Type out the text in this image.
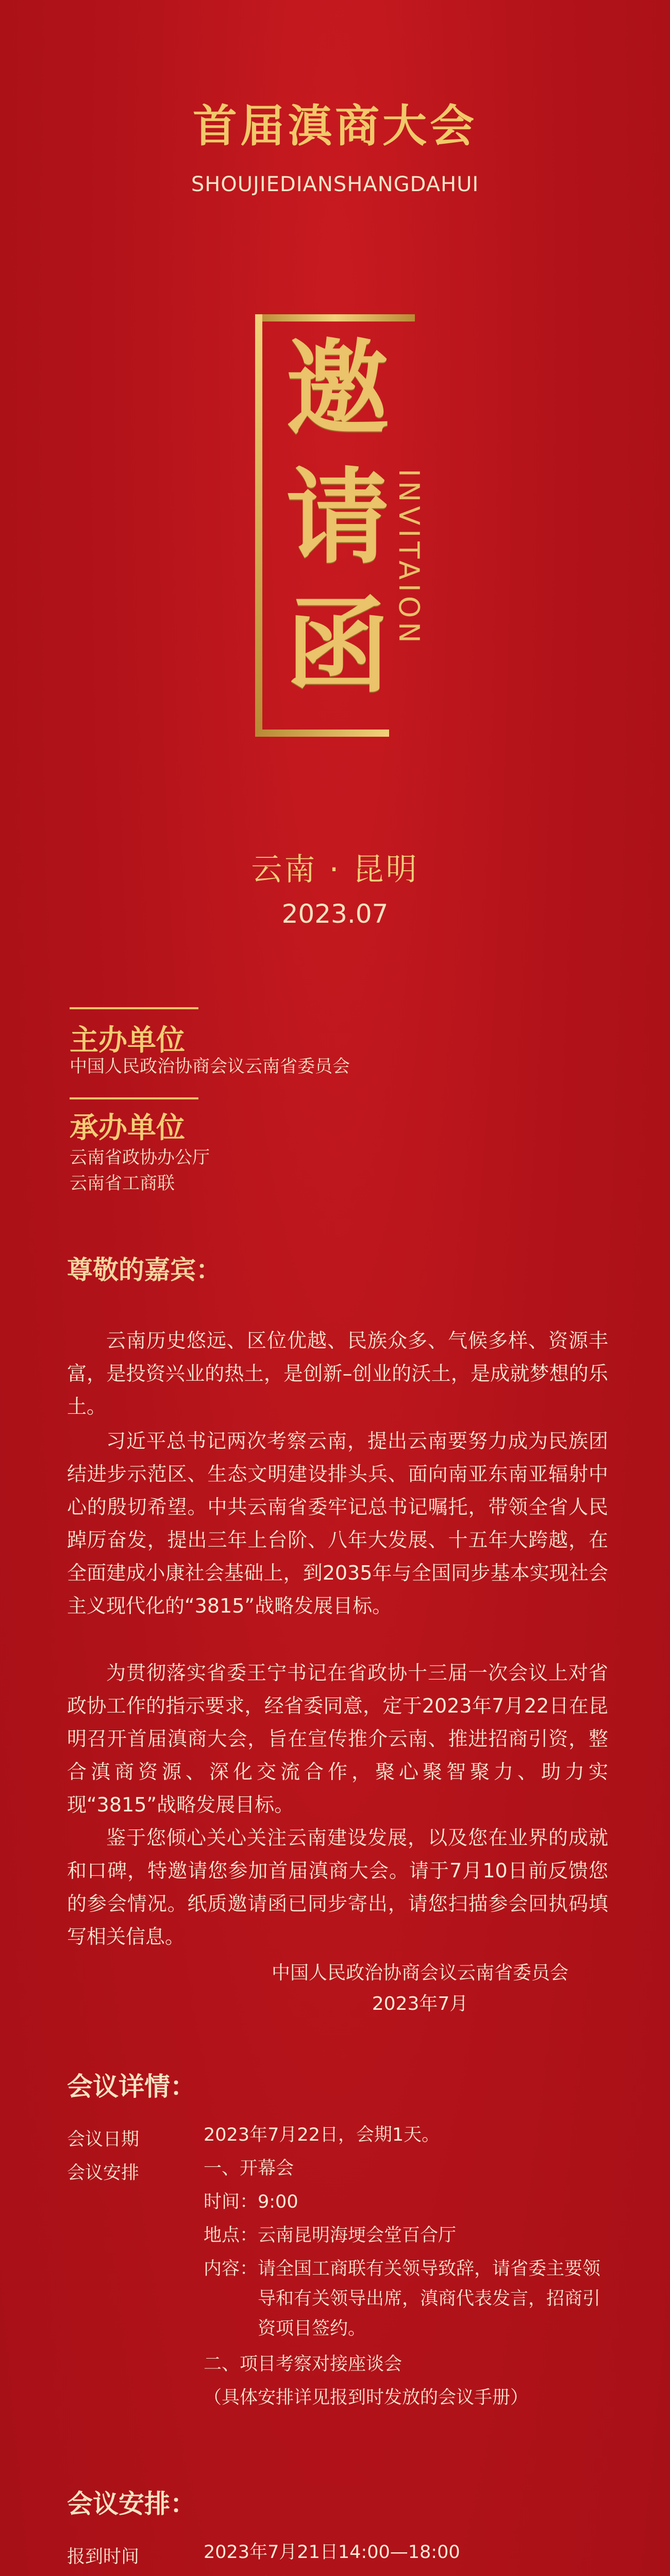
首届滇商大会
SHOUJIEDIANSHANGDAHUI
邀
请
函 INVITAION
云南 · 昆明
2023.07
主办单位
中国人民政治协商会议云南省委员会
承办单位
云南省政协办公厅
云南省工商联
尊敬的嘉宾：
云南历史悠远、区位优越、民族众多、气候多样、资源丰富，是投资兴业的热土，是创新–创业的沃土，是成就梦想的乐土。
习近平总书记两次考察云南，提出云南要努力成为民族团结进步示范区、生态文明建设排头兵、面向南亚东南亚辐射中心的殷切希望。中共云南省委牢记总书记嘱托，带领全省人民踔厉奋发，提出三年上台阶、八年大发展、十五年大跨越，在全面建成小康社会基础上，到2035年与全国同步基本实现社会主义现代化的“3815”战略发展目标。
为贯彻落实省委王宁书记在省政协十三届一次会议上对省政协工作的指示要求，经省委同意，定于2023年7月22日在昆明召开首届滇商大会，旨在宣传推介云南、推进招商引资，整合滇商资源、深化交流合作，聚心聚智聚力、助力实现“3815”战略发展目标。
鉴于您倾心关心关注云南建设发展，以及您在业界的成就和口碑，特邀请您参加首届滇商大会。请于7月10日前反馈您的参会情况。纸质邀请函已同步寄出，请您扫描参会回执码填写相关信息。
中国人民政治协商会议云南省委员会
2023年7月
会议详情：
会议日期	2023年7月22日，会期1天。
会议安排	一、开幕会
时间：9:00
地点：云南昆明海埂会堂百合厅
内容：请全国工商联有关领导致辞，请省委主要领导和有关领导出席，滇商代表发言，招商引资项目签约。
二、项目考察对接座谈会
（具体安排详见报到时发放的会议手册）
会议安排：
报到时间	2023年7月21日14:00—18:00
